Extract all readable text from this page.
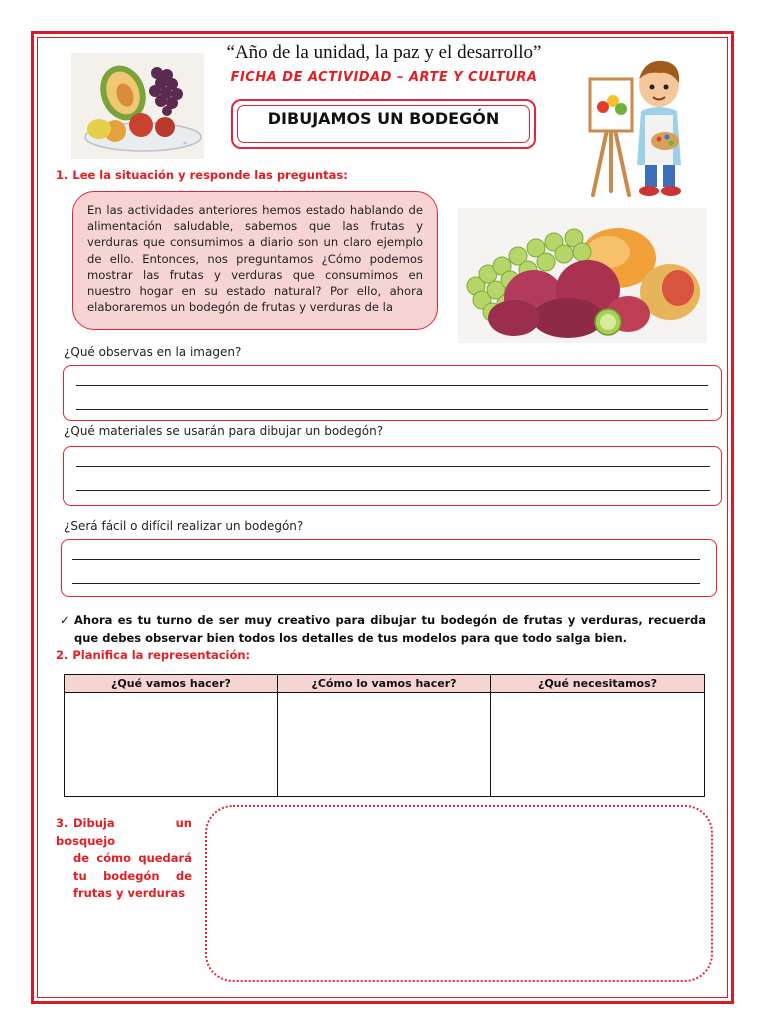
~
“Año de la unidad, la paz y el desarrollo”
FICHA DE ACTIVIDAD – ARTE Y CULTURA
DIBUJAMOS UN BODEGÓN
1. Lee la situación y responde las preguntas:

En las actividades anteriores hemos estado hablando de alimentación saludable, sabemos que las frutas y verduras que consumimos a diario son un claro ejemplo de ello. Entonces, nos preguntamos ¿Cómo podemos mostrar las frutas y verduras que consumimos en nuestro hogar en su estado natural? Por ello, ahora elaboraremos un bodegón de frutas y verduras de la

¿Qué observas en la imagen?
¿Qué materiales se usarán para dibujar un bodegón?
¿Será fácil o difícil realizar un bodegón?
✓ Ahora es tu turno de ser muy creativo para dibujar tu bodegón de frutas y verduras, recuerda que debes observar bien todos los detalles de tus modelos para que todo salga bien.
2. Planifica la representación:
¿Qué vamos hacer?	¿Cómo lo vamos hacer?	¿Qué necesitamos?

3. Dibuja un bosquejo
de cómo quedará
tu bodegón de
frutas y verduras
